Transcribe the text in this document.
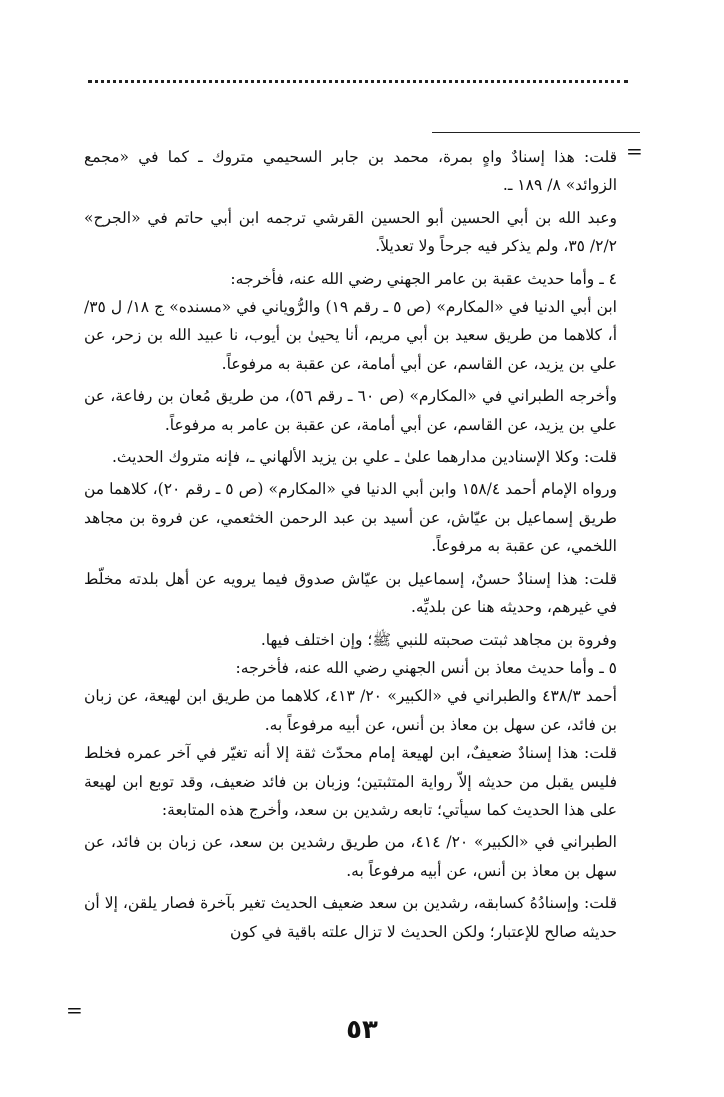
=

قلت: هذا إسنادٌ واهٍ بمرة، محمد بن جابر السحيمي متروك ـ كما في «مجمع الزوائد» ٨/ ١٨٩ ـ.

وعبد الله بن أبي الحسين أبو الحسين القرشي ترجمه ابن أبي حاتم في «الجرح» ٢/٢/ ٣٥، ولم يذكر فيه جرحاً ولا تعديلاً.

٤ ـ وأما حديث عقبة بن عامر الجهني رضي الله عنه، فأخرجه:

ابن أبي الدنيا في «المكارم» (ص ٥ ـ رقم ١٩) والرُّوياني في «مسنده» ج ١٨/ ل ٣٥/ أ، كلاهما من طريق سعيد بن أبي مريم، أنا يحيىٰ بن أيوب، نا عبيد الله بن زحر، عن علي بن يزيد، عن القاسم، عن أبي أمامة، عن عقبة به مرفوعاً.

وأخرجه الطبراني في «المكارم» (ص ٦٠ ـ رقم ٥٦)، من طريق مُعان بن رفاعة، عن علي بن يزيد، عن القاسم، عن أبي أمامة، عن عقبة بن عامر به مرفوعاً.

قلت: وكلا الإسنادين مدارهما علىٰ ـ علي بن يزيد الألهاني ـ، فإنه متروك الحديث.

ورواه الإمام أحمد ١٥٨/٤ وابن أبي الدنيا في «المكارم» (ص ٥ ـ رقم ٢٠)، كلاهما من طريق إسماعيل بن عيّاش، عن أسيد بن عبد الرحمن الخثعمي، عن فروة بن مجاهد اللخمي، عن عقبة به مرفوعاً.

قلت: هذا إسنادٌ حسنٌ، إسماعيل بن عيّاش صدوق فيما يرويه عن أهل بلدته مخلّط في غيرهم، وحديثه هنا عن بلديِّه.

وفروة بن مجاهد ثبتت صحبته للنبي ﷺ؛ وإن اختلف فيها.

٥ ـ وأما حديث معاذ بن أنس الجهني رضي الله عنه، فأخرجه:

أحمد ٤٣٨/٣ والطبراني في «الكبير» ٢٠/ ٤١٣، كلاهما من طريق ابن لهيعة، عن زبان بن فائد، عن سهل بن معاذ بن أنس، عن أبيه مرفوعاً به.

قلت: هذا إسنادٌ ضعيفٌ، ابن لهيعة إمام محدّث ثقة إلا أنه تغيّر في آخر عمره فخلط فليس يقبل من حديثه إلاّ رواية المتثبتين؛ وزبان بن فائد ضعيف، وقد توبع ابن لهيعة على هذا الحديث كما سيأتي؛ تابعه رشدين بن سعد، وأخرج هذه المتابعة:

الطبراني في «الكبير» ٢٠/ ٤١٤، من طريق رشدين بن سعد، عن زبان بن فائد، عن سهل بن معاذ بن أنس، عن أبيه مرفوعاً به.

قلت: وإسنادُهُ كسابقه، رشدين بن سعد ضعيف الحديث تغير بآخرة فصار يلقن، إلا أن حديثه صالح للإعتبار؛ ولكن الحديث لا تزال علته باقية في كون

=
٥٣
